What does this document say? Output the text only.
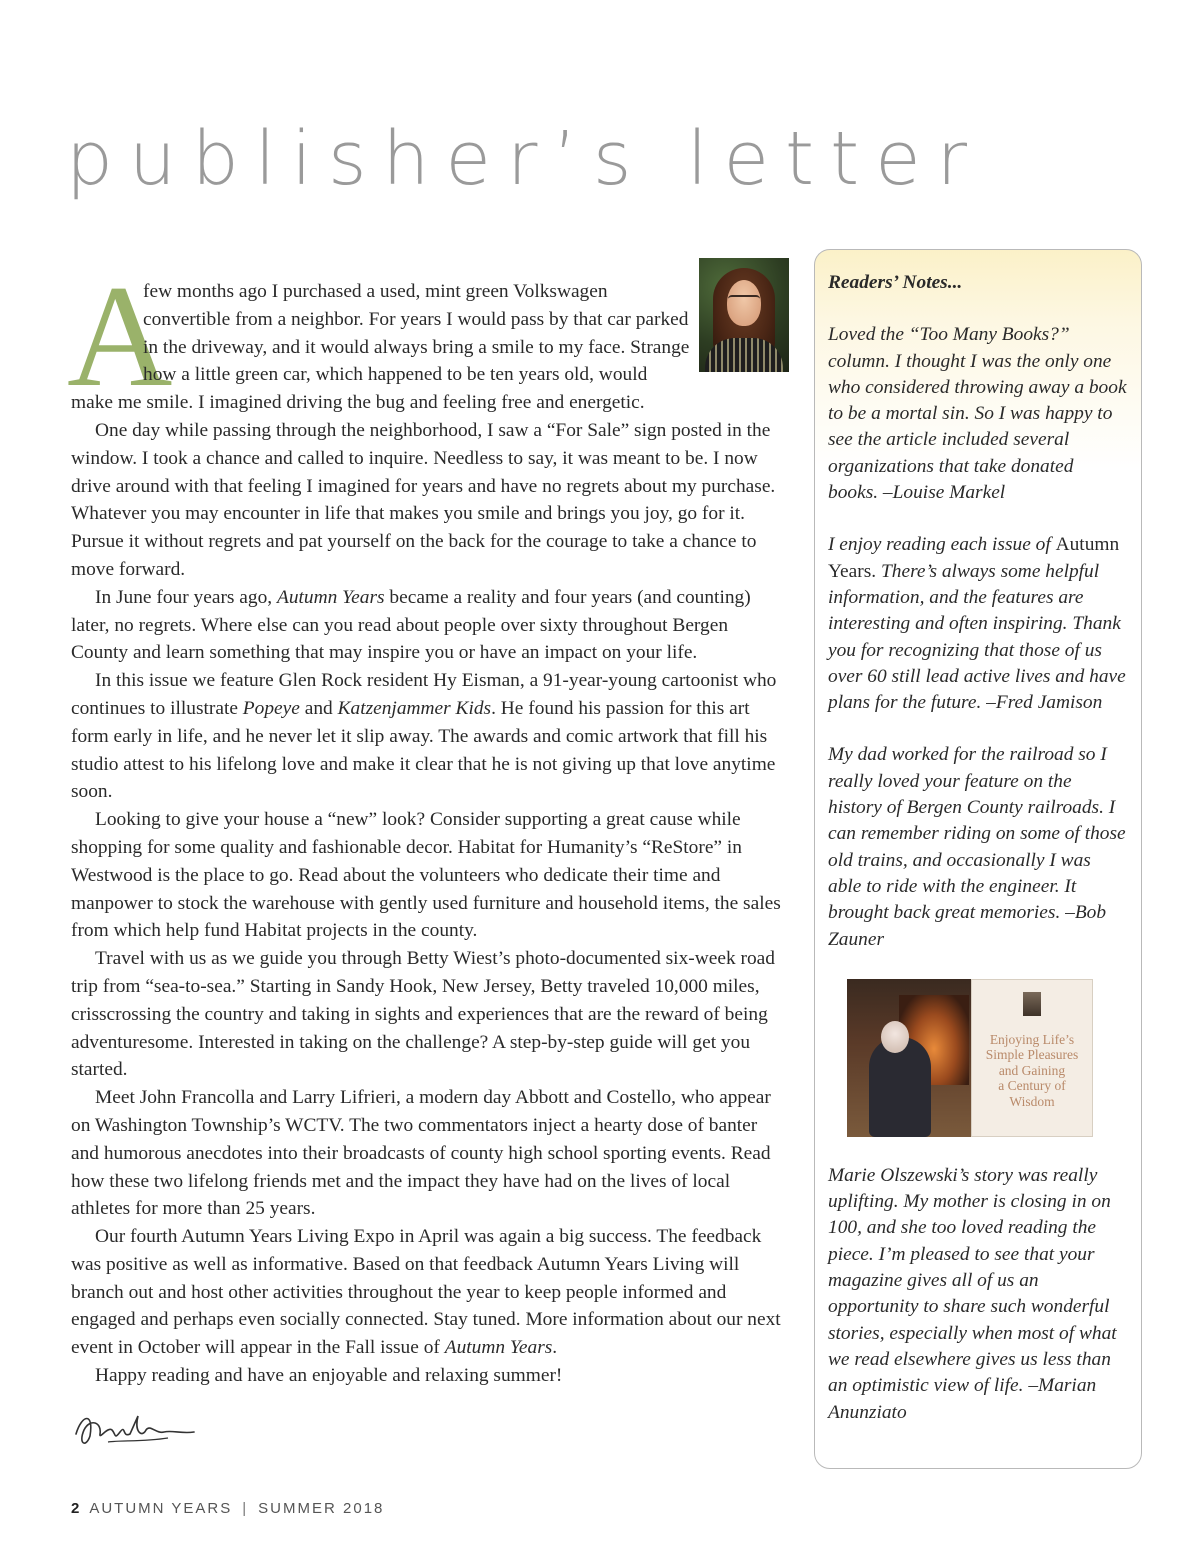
publisher’s letter

A
few months ago I purchased a used, mint green Volkswagen convertible from a neighbor. For years I would pass by that car parked in the driveway, and it would always bring a smile to my face. Strange how a little green car, which happened to be ten years old, would make me smile. I imagined driving the bug and feeling free and energetic.

One day while passing through the neighborhood, I saw a “For Sale” sign posted in the window. I took a chance and called to inquire. Needless to say, it was meant to be. I now drive around with that feeling I imagined for years and have no regrets about my purchase. Whatever you may encounter in life that makes you smile and brings you joy, go for it. Pursue it without regrets and pat yourself on the back for the courage to take a chance to move forward.

In June four years ago, Autumn Years became a reality and four years (and counting) later, no regrets. Where else can you read about people over sixty throughout Bergen County and learn something that may inspire you or have an impact on your life.

In this issue we feature Glen Rock resident Hy Eisman, a 91-year-young cartoonist who continues to illustrate Popeye and Katzenjammer Kids. He found his passion for this art form early in life, and he never let it slip away. The awards and comic artwork that fill his studio attest to his lifelong love and make it clear that he is not giving up that love anytime soon.

Looking to give your house a “new” look? Consider supporting a great cause while shopping for some quality and fashionable decor. Habitat for Humanity’s “ReStore” in Westwood is the place to go. Read about the volunteers who dedicate their time and manpower to stock the warehouse with gently used furniture and household items, the sales from which help fund Habitat projects in the county.

Travel with us as we guide you through Betty Wiest’s photo-documented six-week road trip from “sea-to-sea.” Starting in Sandy Hook, New Jersey, Betty traveled 10,000 miles, crisscrossing the country and taking in sights and experiences that are the reward of being adventuresome. Interested in taking on the challenge? A step-by-step guide will get you started.

Meet John Francolla and Larry Lifrieri, a modern day Abbott and Costello, who appear on Washington Township’s WCTV. The two commentators inject a hearty dose of banter and humorous anecdotes into their broadcasts of county high school sporting events. Read how these two lifelong friends met and the impact they have had on the lives of local athletes for more than 25 years.

Our fourth Autumn Years Living Expo in April was again a big success. The feedback was positive as well as informative. Based on that feedback Autumn Years Living will branch out and host other activities throughout the year to keep people informed and engaged and perhaps even socially connected. Stay tuned. More information about our next event in October will appear in the Fall issue of Autumn Years.

Happy reading and have an enjoyable and relaxing summer!

2 AUTUMN YEARS | SUMMER 2018
Readers’ Notes...

Loved the “Too Many Books?” column. I thought I was the only one who considered throwing away a book to be a mortal sin. So I was happy to see the article included several organizations that take donated books. –Louise Markel

I enjoy reading each issue of Autumn Years. There’s always some helpful information, and the features are interesting and often inspiring. Thank you for recognizing that those of us over 60 still lead active lives and have plans for the future. –Fred Jamison

My dad worked for the railroad so I really loved your feature on the history of Bergen County railroads. I can remember riding on some of those old trains, and occasionally I was able to ride with the engineer. It brought back great memories. –Bob Zauner

Enjoying Life’s
Simple Pleasures
and Gaining
a Century of
Wisdom

Marie Olszewski’s story was really uplifting. My mother is closing in on 100, and she too loved reading the piece. I’m pleased to see that your magazine gives all of us an opportunity to share such wonderful stories, especially when most of what we read elsewhere gives us less than an optimistic view of life. –Marian Anunziato
